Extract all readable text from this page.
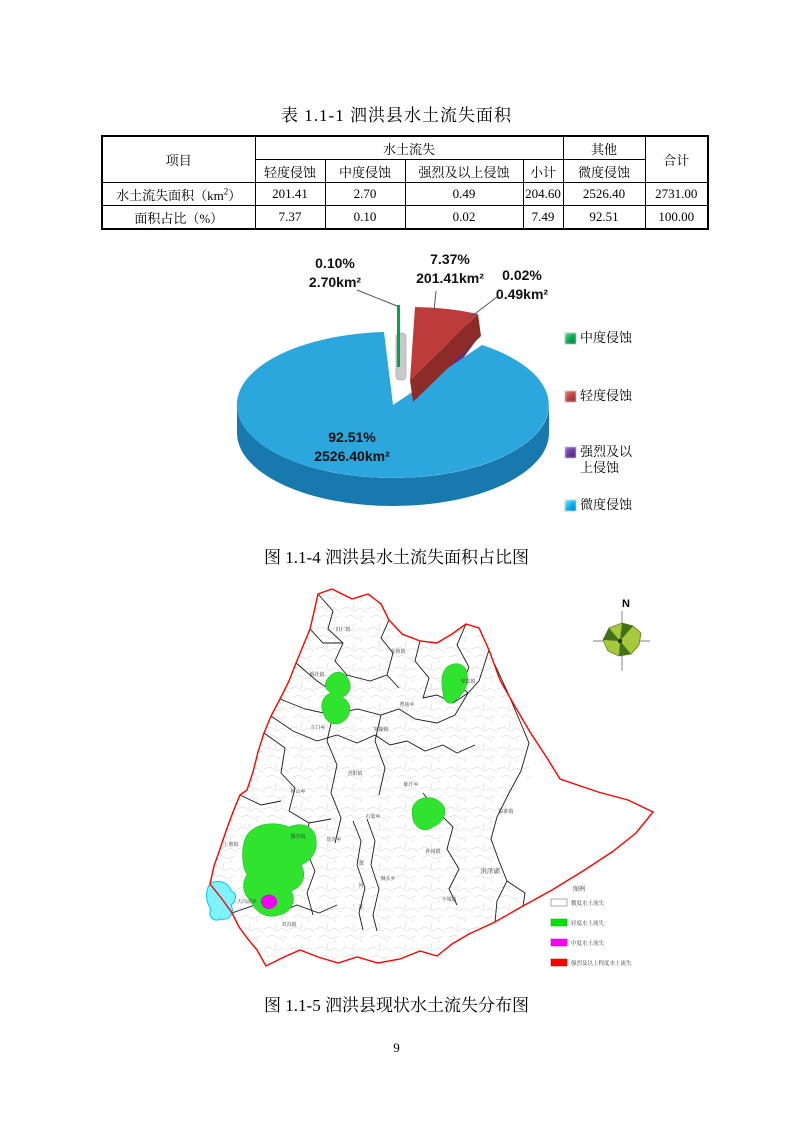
表 1.1-1 泗洪县水土流失面积
项目	水土流失				其他	合计
	轻度侵蚀	中度侵蚀	强烈及以上侵蚀	小计	微度侵蚀	
水土流失面积$(km^2)$	201.41	2.70	0.49	204.60	2526.40	2731.00
面积占比（%）	7.37	0.10	0.02	7.49	92.51	100.00
0.10%
2.70km²
7.37%
201.41km²	0.02%
0.49km²
92.51%
2526.40km²
中度侵蚀
轻度侵蚀
强烈及以上侵蚀
微度侵蚀
图 1.1-4 泗洪县水土流失面积占比图
归仁镇
金锁镇
梅花镇
界集镇
曹庙乡
车门乡	朱湖镇
青阳镇
峰山乡
陈圩乡
石集乡
魏营镇	瑶沟乡
上塘镇
孙园镇
城头乡
天岗湖乡
双沟镇
半城镇
临淮镇
洪泽湖
溧
河
洼
图例
微度水土流失
轻度水土流失
中度水土流失
强烈及以上程度水土流失
N
图 1.1-5 泗洪县现状水土流失分布图
9
